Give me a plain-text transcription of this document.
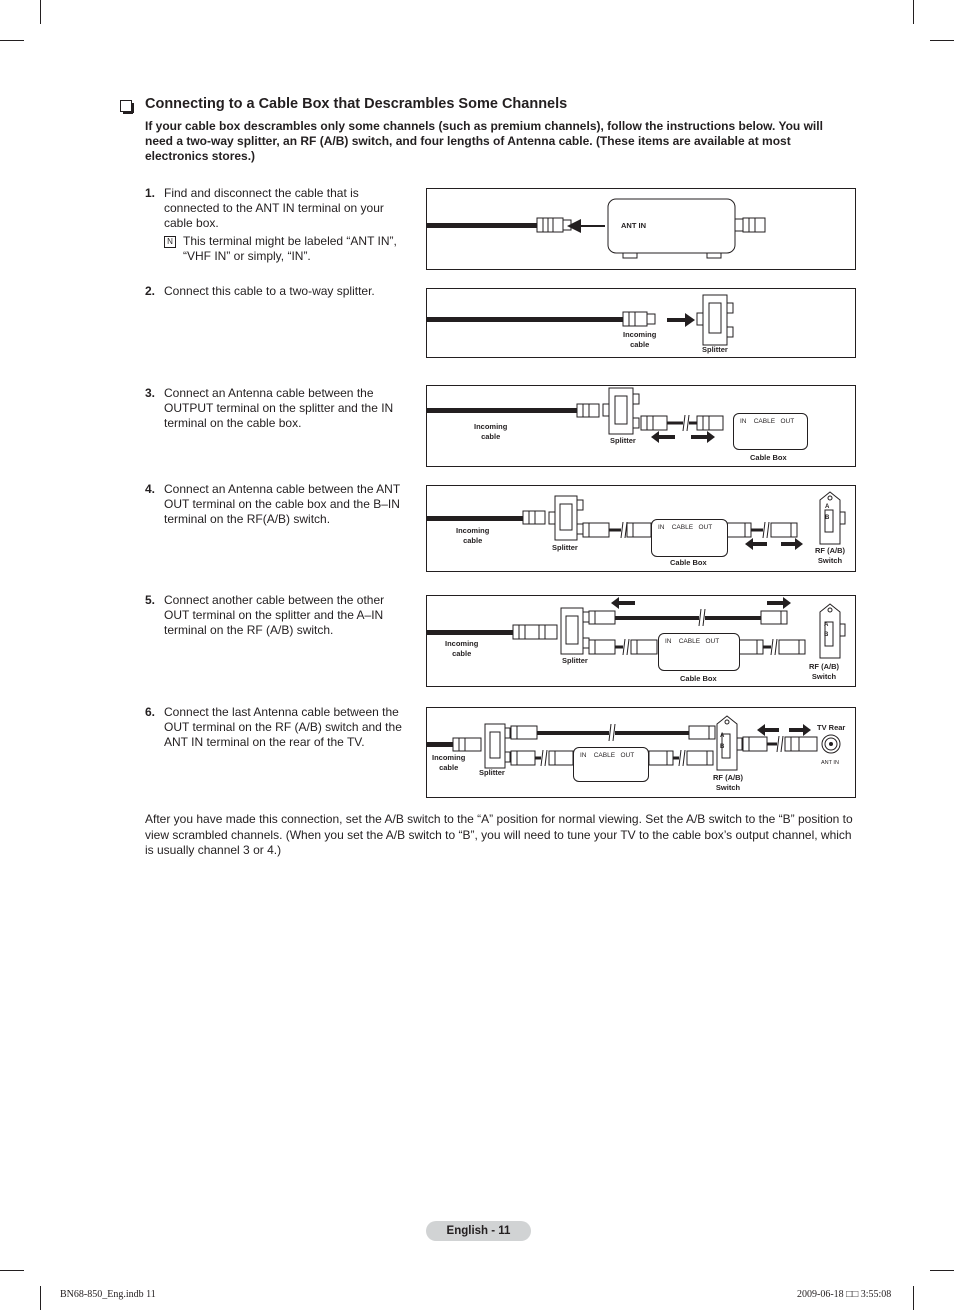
Connecting to a Cable Box that Descrambles Some Channels
If your cable box descrambles only some channels (such as premium channels), follow the instructions below. You will need a two-way splitter, an RF (A/B) switch, and four lengths of Antenna cable. (These items are available at most electronics stores.)
1. Find and disconnect the cable that is connected to the ANT IN terminal on your cable box.
N This terminal might be labeled “ANT IN”, “VHF IN” or simply, “IN”.
2. Connect this cable to a two-way splitter.
3. Connect an Antenna cable between the OUTPUT terminal on the splitter and the IN terminal on the cable box.
4. Connect an Antenna cable between the ANT OUT terminal on the cable box and the B–IN terminal on the RF(A/B) switch.
5. Connect another cable between the other OUT terminal on the splitter and the A–IN terminal on the RF (A/B) switch.
6. Connect the last Antenna cable between the OUT terminal on the RF (A/B) switch and the ANT IN terminal on the rear of the TV.
ANT IN
Incoming
cable
Splitter
IN    CABLE   OUT
Incoming
cable	Splitter
Cable Box
IN    CABLE   OUT
A
B
Incoming
cable
Splitter
Cable Box
RF (A/B)
Switch
IN    CABLE   OUT
A
B
Incoming
cable
Splitter
Cable Box
RF (A/B)
Switch
IN    CABLE   OUT
A
B
TV Rear
ANT IN
Incoming
cable
Splitter
RF (A/B)
Switch
After you have made this connection, set the A/B switch to the “A” position for normal viewing. Set the A/B switch to the “B” position to view scrambled channels. (When you set the A/B switch to “B”, you will need to tune your TV to the cable box’s output channel, which is usually channel 3 or 4.)
English - 11
BN68-850_Eng.indb 11	2009-06-18 □□ 3:55:08
